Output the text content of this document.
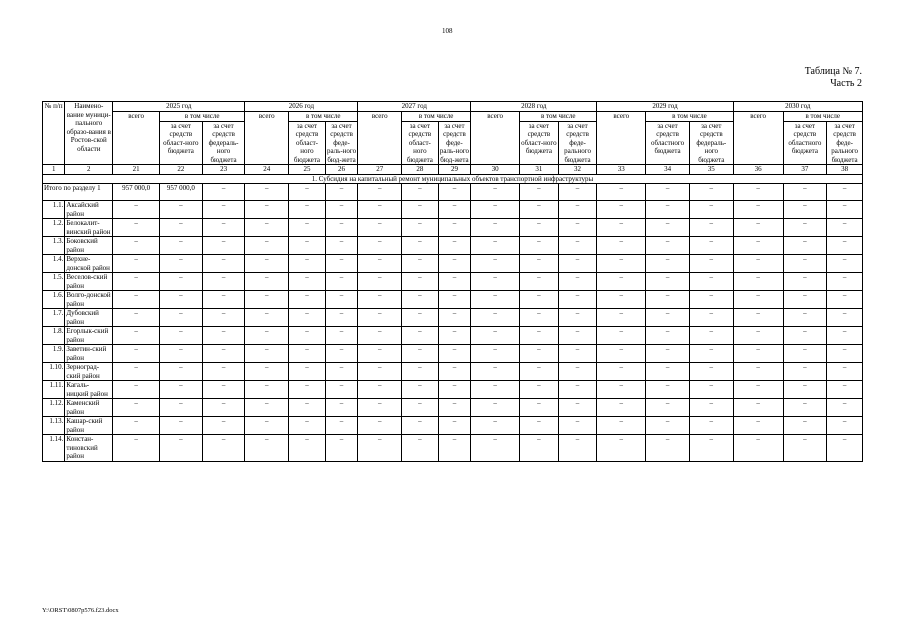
108
Таблица № 7.
Часть 2
№ п/п	Наимено-вание муници-пального образо-вания в Ростов-ской области	2025 год			2026 год			2027 год			2028 год			2029 год			2030 год		
		всего	в том числе		всего	в том числе		всего	в том числе		всего	в том числе		всего	в том числе		всего	в том числе	
			за счет средств област-ного бюджета	за счет средств федераль-ного бюджета		за счет средств област-ного бюджета	за счет средств феде-раль-ного бюд-жета		за счет средств област-ного бюджета	за счет средств феде-раль-ного бюд-жета		за счет средств област-ного бюджета	за счет средств феде-рального бюджета		за счет средств областного бюджета	за счет средств федераль-ного бюджета		за счет средств областного бюджета	за счет средств феде-рального бюджета
1	2	21	22	23	24	25	26	27	28	29	30	31	32	33	34	35	36	37	38
1. Субсидия на капитальный ремонт муниципальных объектов транспортной инфраструктуры																			
Итого по разделу 1		957 000,0	957 000,0	–	–	–	–	–	–	–	–	–	–	–	–	–	–	–	–
1.1.	Аксайский район	–	–	–	–	–	–	–	–	–	–	–	–	–	–	–	–	–	–
1.2.	Белокалит-винский район	–	–	–	–	–	–	–	–	–	–	–	–	–	–	–	–	–	–
1.3.	Боковский район	–	–	–	–	–	–	–	–	–	–	–	–	–	–	–	–	–	–
1.4.	Верхне-донской район	–	–	–	–	–	–	–	–	–	–	–	–	–	–	–	–	–	–
1.5.	Веселов-ский район	–	–	–	–	–	–	–	–	–	–	–	–	–	–	–	–	–	–
1.6.	Волго-донской район	–	–	–	–	–	–	–	–	–	–	–	–	–	–	–	–	–	–
1.7.	Дубовский район	–	–	–	–	–	–	–	–	–	–	–	–	–	–	–	–	–	–
1.8.	Егорлык-ский район	–	–	–	–	–	–	–	–	–	–	–	–	–	–	–	–	–	–
1.9.	Заветин-ский район	–	–	–	–	–	–	–	–	–	–	–	–	–	–	–	–	–	–
1.10.	Зерноград-ский район	–	–	–	–	–	–	–	–	–	–	–	–	–	–	–	–	–	–
1.11.	Кагаль-ницкий район	–	–	–	–	–	–	–	–	–	–	–	–	–	–	–	–	–	–
1.12.	Каменский район	–	–	–	–	–	–	–	–	–	–	–	–	–	–	–	–	–	–
1.13.	Кашар-ский район	–	–	–	–	–	–	–	–	–	–	–	–	–	–	–	–	–	–
1.14.	Констан-тиновский район	–	–	–	–	–	–	–	–	–	–	–	–	–	–	–	–	–	–
Y:\ORST\0807p576.f23.docx
